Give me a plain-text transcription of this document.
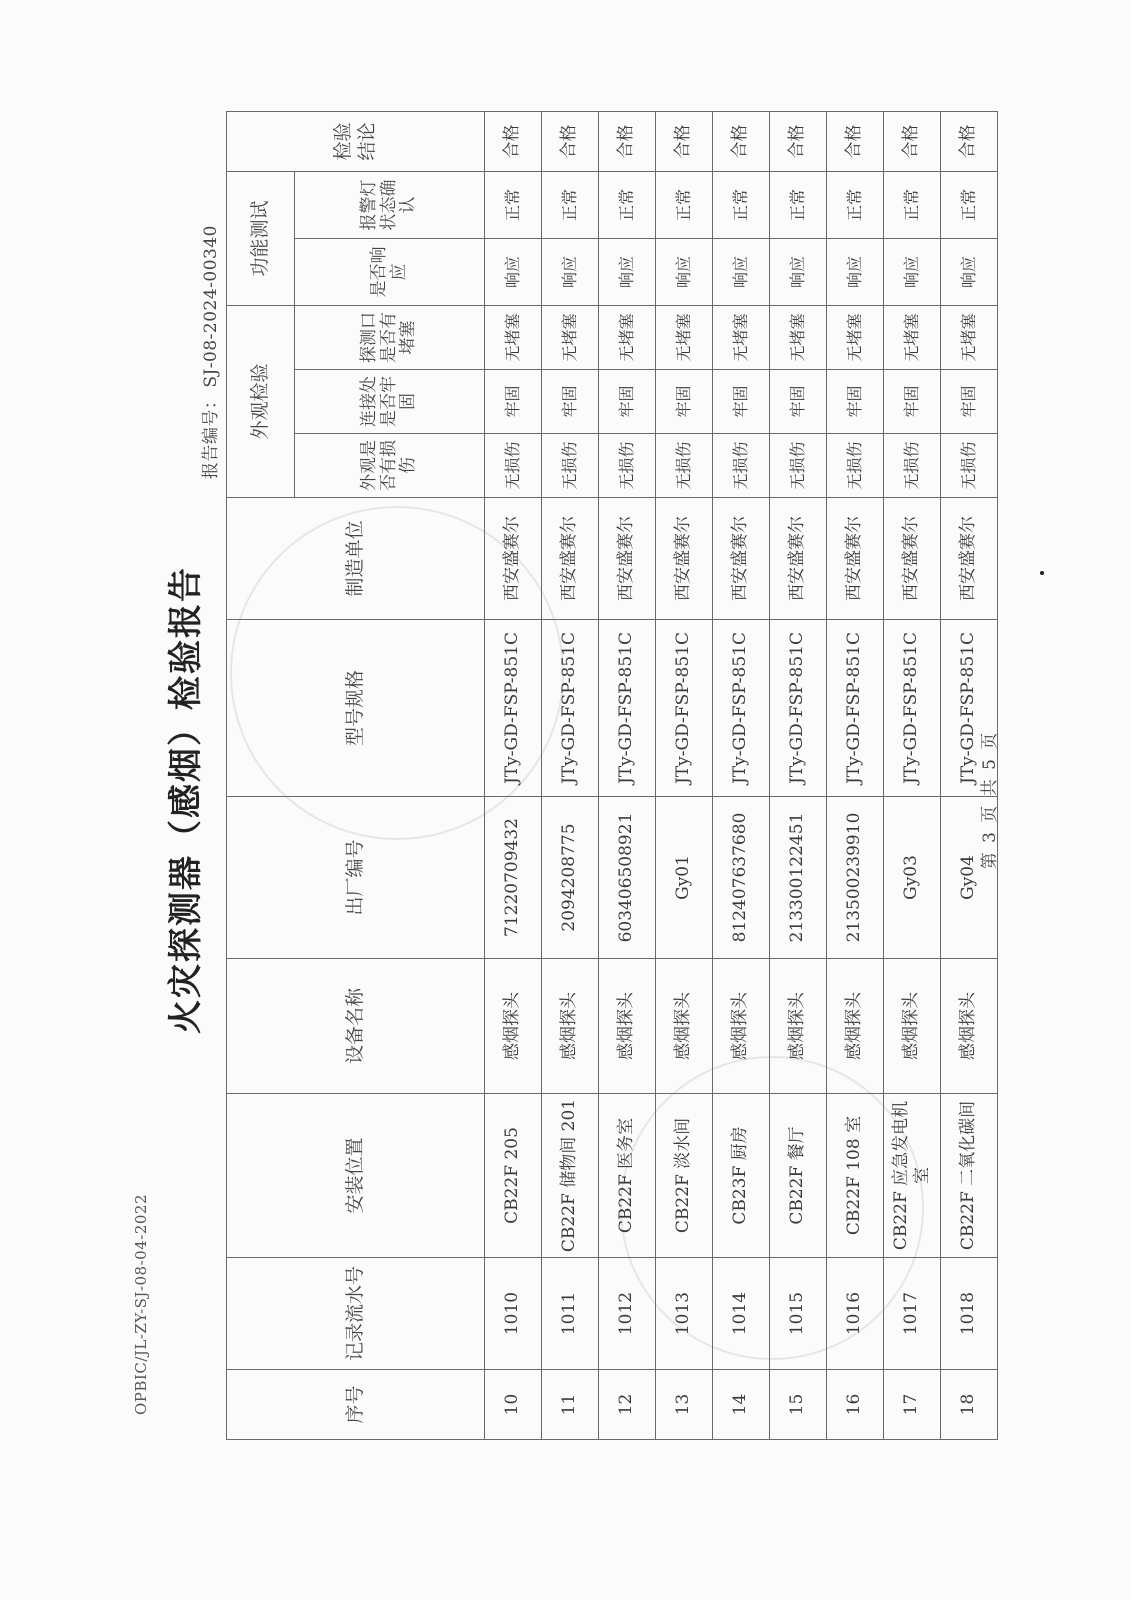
OPBIC/JL-ZY-SJ-08-04-2022
火灾探测器（感烟）检验报告
报告编号：SJ-08-2024-00340
序号	记录流水号	安装位置	设备名称	出厂编号	型号规格	制造单位	外观检验			功能测试		检验结论
							外观是否有损伤	连接处是否牢固	探测口是否有堵塞	是否响应	报警灯状态确认	
10	1010	CB22F 205	感烟探头	71220709432	JTy-GD-FSP-851C	西安盛赛尔	无损伤	牢固	无堵塞	响应	正常	合格
11	1011	CB22F 储物间 201	感烟探头	2094208775	JTy-GD-FSP-851C	西安盛赛尔	无损伤	牢固	无堵塞	响应	正常	合格
12	1012	CB22F 医务室	感烟探头	603406508921	JTy-GD-FSP-851C	西安盛赛尔	无损伤	牢固	无堵塞	响应	正常	合格
13	1013	CB22F 淡水间	感烟探头	Gy01	JTy-GD-FSP-851C	西安盛赛尔	无损伤	牢固	无堵塞	响应	正常	合格
14	1014	CB23F 厨房	感烟探头	812407637680	JTy-GD-FSP-851C	西安盛赛尔	无损伤	牢固	无堵塞	响应	正常	合格
15	1015	CB22F 餐厅	感烟探头	213300122451	JTy-GD-FSP-851C	西安盛赛尔	无损伤	牢固	无堵塞	响应	正常	合格
16	1016	CB22F 108 室	感烟探头	213500239910	JTy-GD-FSP-851C	西安盛赛尔	无损伤	牢固	无堵塞	响应	正常	合格
17	1017	CB22F 应急发电机室	感烟探头	Gy03	JTy-GD-FSP-851C	西安盛赛尔	无损伤	牢固	无堵塞	响应	正常	合格
18	1018	CB22F 二氧化碳间	感烟探头	Gy04	JTy-GD-FSP-851C	西安盛赛尔	无损伤	牢固	无堵塞	响应	正常	合格
第 3 页 共 5 页
